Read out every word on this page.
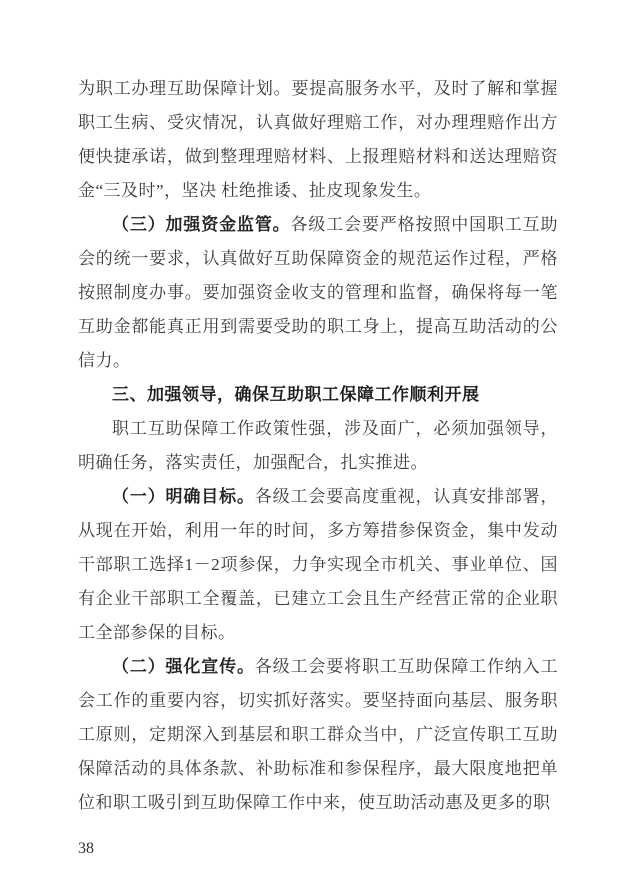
为职工办理互助保障计划。要提高服务水平，及时了解和掌握职工生病、受灾情况，认真做好理赔工作，对办理理赔作出方便快捷承诺，做到整理理赔材料、上报理赔材料和送达理赔资金“三及时”，坚决 杜绝推诿、扯皮现象发生。

（三）加强资金监管。各级工会要严格按照中国职工互助会的统一要求，认真做好互助保障资金的规范运作过程，严格按照制度办事。要加强资金收支的管理和监督，确保将每一笔互助金都能真正用到需要受助的职工身上，提高互助活动的公信力。

三、加强领导，确保互助职工保障工作顺利开展

职工互助保障工作政策性强，涉及面广，必须加强领导，明确任务，落实责任，加强配合，扎实推进。

（一）明确目标。各级工会要高度重视，认真安排部署，从现在开始，利用一年的时间，多方筹措参保资金，集中发动干部职工选择1－2项参保，力争实现全市机关、事业单位、国有企业干部职工全覆盖，已建立工会且生产经营正常的企业职工全部参保的目标。

（二）强化宣传。各级工会要将职工互助保障工作纳入工会工作的重要内容，切实抓好落实。要坚持面向基层、服务职工原则，定期深入到基层和职工群众当中，广泛宣传职工互助保障活动的具体条款、补助标准和参保程序，最大限度地把单位和职工吸引到互助保障工作中来，使互助活动惠及更多的职

38
